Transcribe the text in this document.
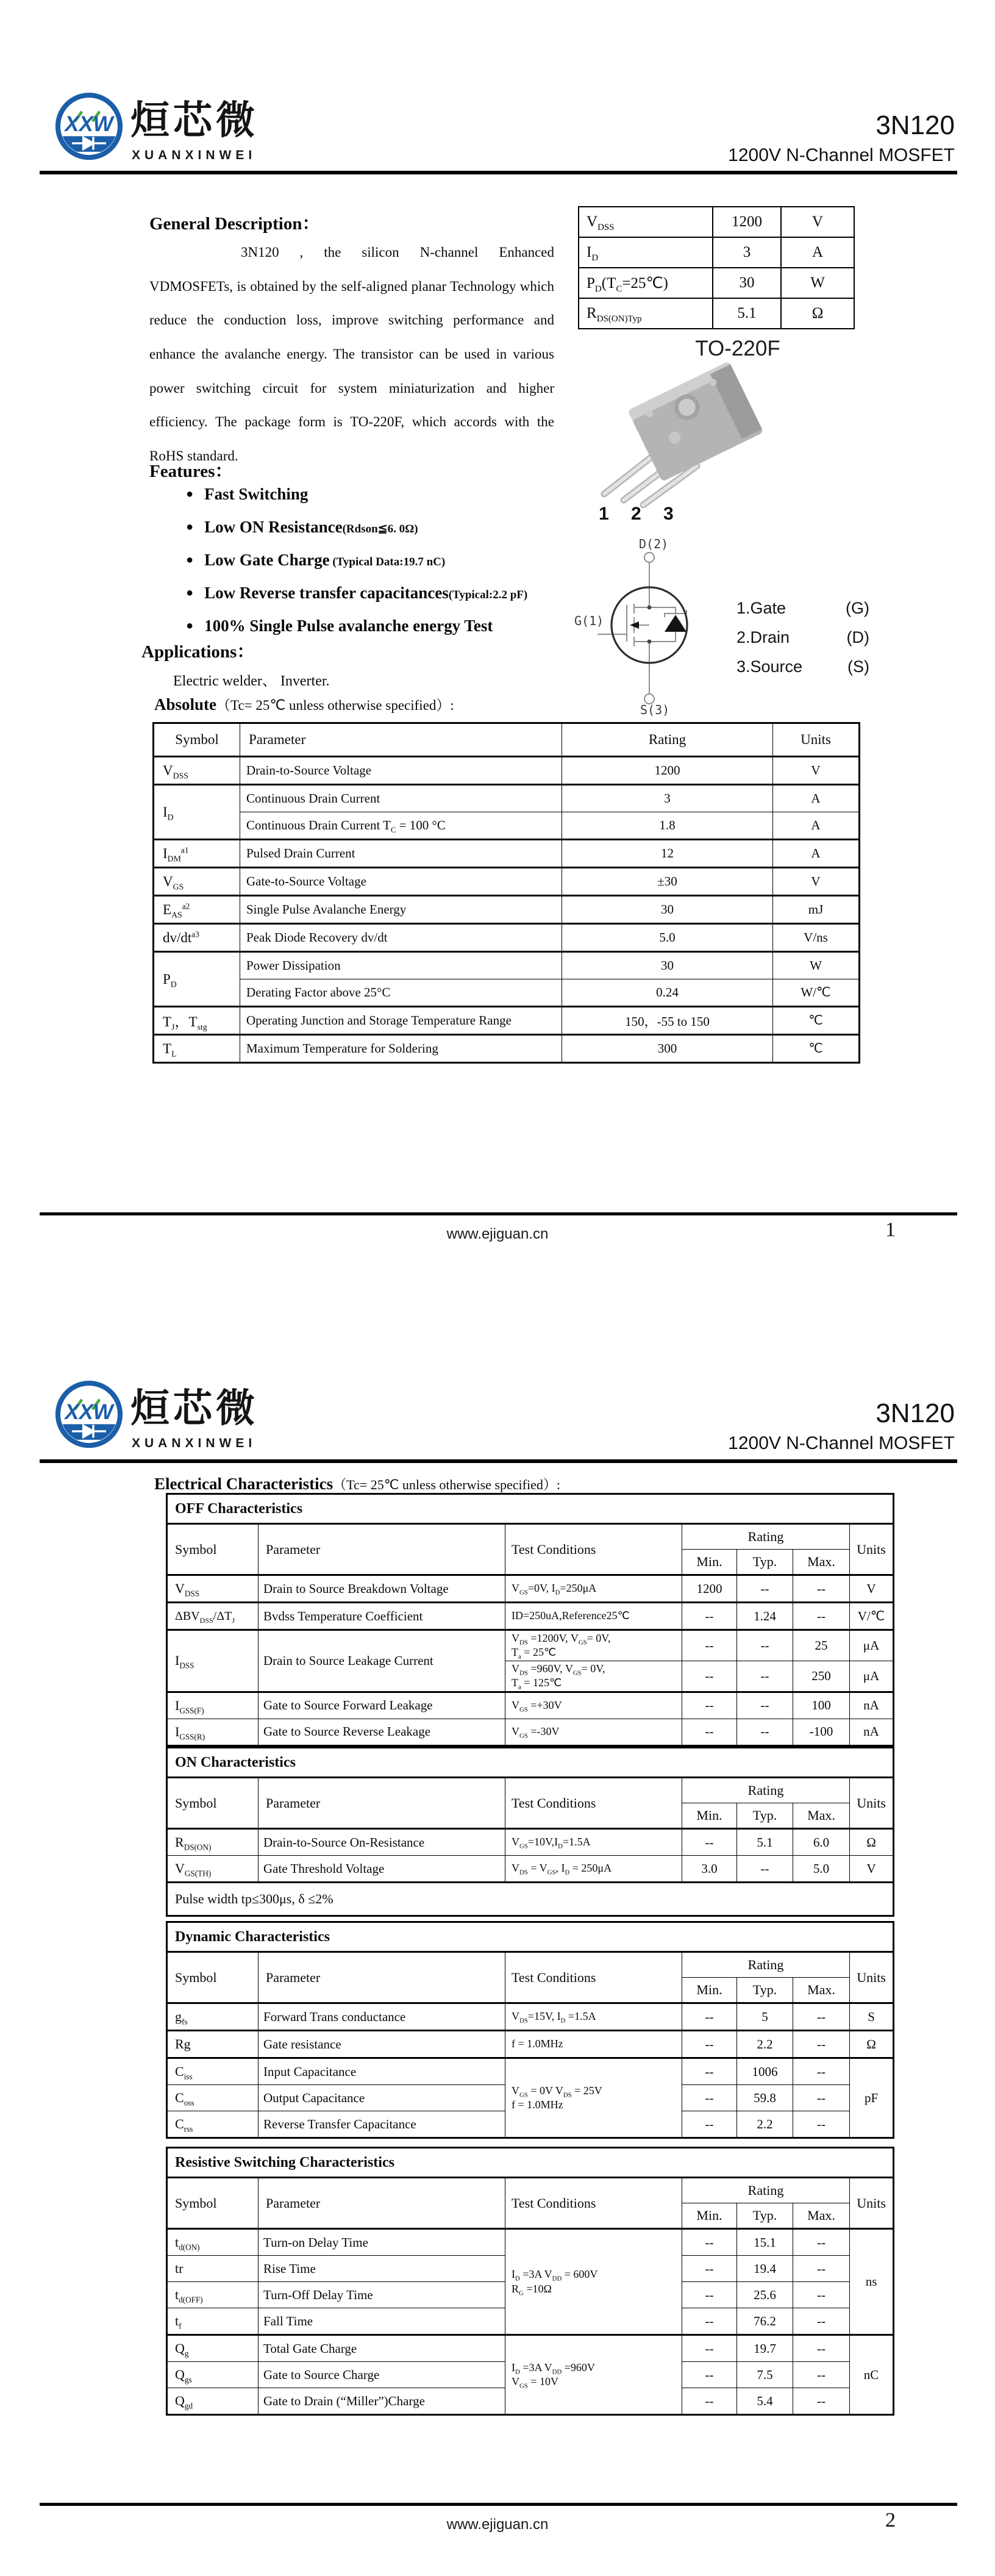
XXW 烜芯微
XUANXINWEI
3N120
1200V N-Channel MOSFET
General Description：
3N120 , the silicon N-channel Enhanced VDMOSFETs, is obtained by the self-aligned planar Technology which reduce the conduction loss, improve switching performance and enhance the avalanche energy. The transistor can be used in various power switching circuit for system miniaturization and higher efficiency. The package form is TO-220F, which accords with the RoHS standard.
Features：
● Fast Switching
● Low ON Resistance(Rdson≦6. 0Ω)
● Low Gate Charge (Typical Data:19.7 nC)
● Low Reverse transfer capacitances(Typical:2.2 pF)
● 100% Single Pulse avalanche energy Test
Applications：
Electric welder、 Inverter.
$V_{DSS}$	1200	V
$I_D$	3	A
$P_D(T_C=25℃)$	30	W
$R_{DS(ON)Typ}$	5.1	Ω
TO-220F
1 2 3
D(2)
G(1)
S(3)
1.Gate	(G)
2.Drain	(D)
3.Source	(S)
Absolute（Tc= 25℃ unless otherwise specified）:
Symbol	Parameter	Rating	Units
$V_{DSS}$	Drain-to-Source Voltage	1200	V
$I_D$	Continuous Drain Current	3	A
	Continuous Drain Current $T_C = 100$ °C	1.8	A
$I_{DM}^{a1}$	Pulsed Drain Current	12	A
$V_{GS}$	Gate-to-Source Voltage	±30	V
$E_{AS}^{a2}$	Single Pulse Avalanche Energy	30	mJ
$dv/dt^{a3}$	Peak Diode Recovery dv/dt	5.0	V/ns
$P_D$	Power Dissipation	30	W
	Derating Factor above 25°C	0.24	W/℃
$T_J$，$T_{stg}$	Operating Junction and Storage Temperature Range	150，-55 to 150	℃
$T_L$	Maximum Temperature for Soldering	300	℃
www.ejiguan.cn	1
XXW 烜芯微
XUANXINWEI
3N120
1200V N-Channel MOSFET
Electrical Characteristics（Tc= 25℃ unless otherwise specified）:
OFF Characteristics						
Symbol	Parameter	Test Conditions	Rating			Units
			Min.	Typ.	Max.	
$V_{DSS}$	Drain to Source Breakdown Voltage	$V_{GS}=0V$, $I_D=250\mu A$	1200	--	--	V
$\Delta BV_{DSS}/\Delta T_J$	Bvdss Temperature Coefficient	ID=250uA,Reference25℃	--	1.24	--	V/℃
$I_{DSS}$	Drain to Source Leakage Current	$V_{DS} =1200V$, $V_{GS}= 0V$,
$T_a$ = 25℃	--	--	25	μA
		$V_{DS} =960V$, $V_{GS}= 0V$,
$T_a$ = 125℃	--	--	250	μA
$I_{GSS(F)}$	Gate to Source Forward Leakage	$V_{GS} =+30V$	--	--	100	nA
$I_{GSS(R)}$	Gate to Source Reverse Leakage	$V_{GS} =-30V$	--	--	-100	nA
ON Characteristics						
Symbol	Parameter	Test Conditions	Rating			Units
			Min.	Typ.	Max.	
$R_{DS(ON)}$	Drain-to-Source On-Resistance	$V_{GS}=10V,I_D=1.5A$	--	5.1	6.0	Ω
$V_{GS(TH)}$	Gate Threshold Voltage	$V_{DS} = V_{GS}$, $I_D = 250\mu A$	3.0	--	5.0	V
Pulse width tp≤300μs, δ ≤2%						
Dynamic Characteristics						
Symbol	Parameter	Test Conditions	Rating			Units
			Min.	Typ.	Max.	
$g_{fs}$	Forward Trans conductance	$V_{DS}=15V$, $I_D =1.5A$	--	5	--	S
Rg	Gate resistance	f = 1.0MHz	--	2.2	--	Ω
$C_{iss}$	Input Capacitance	$V_{GS} = 0V$ $V_{DS} = 25V$
f = 1.0MHz	--	1006	--	pF
$C_{oss}$	Output Capacitance		--	59.8	--	
$C_{rss}$	Reverse Transfer Capacitance		--	2.2	--	
Resistive Switching Characteristics						
Symbol	Parameter	Test Conditions	Rating			Units
			Min.	Typ.	Max.	
$t_{d(ON)}$	Turn-on Delay Time	$I_D =3A$ $V_{DD} = 600V$
$R_G =10\Omega$	--	15.1	--	ns
tr	Rise Time		--	19.4	--	
$t_{d(OFF)}$	Turn-Off Delay Time		--	25.6	--	
$t_f$	Fall Time		--	76.2	--	
$Q_g$	Total Gate Charge	$I_D =3A$ $V_{DD} =960V$
$V_{GS} = 10V$	--	19.7	--	nC
$Q_{gs}$	Gate to Source Charge		--	7.5	--	
$Q_{gd}$	Gate to Drain (“Miller”)Charge		--	5.4	--	
www.ejiguan.cn	2
